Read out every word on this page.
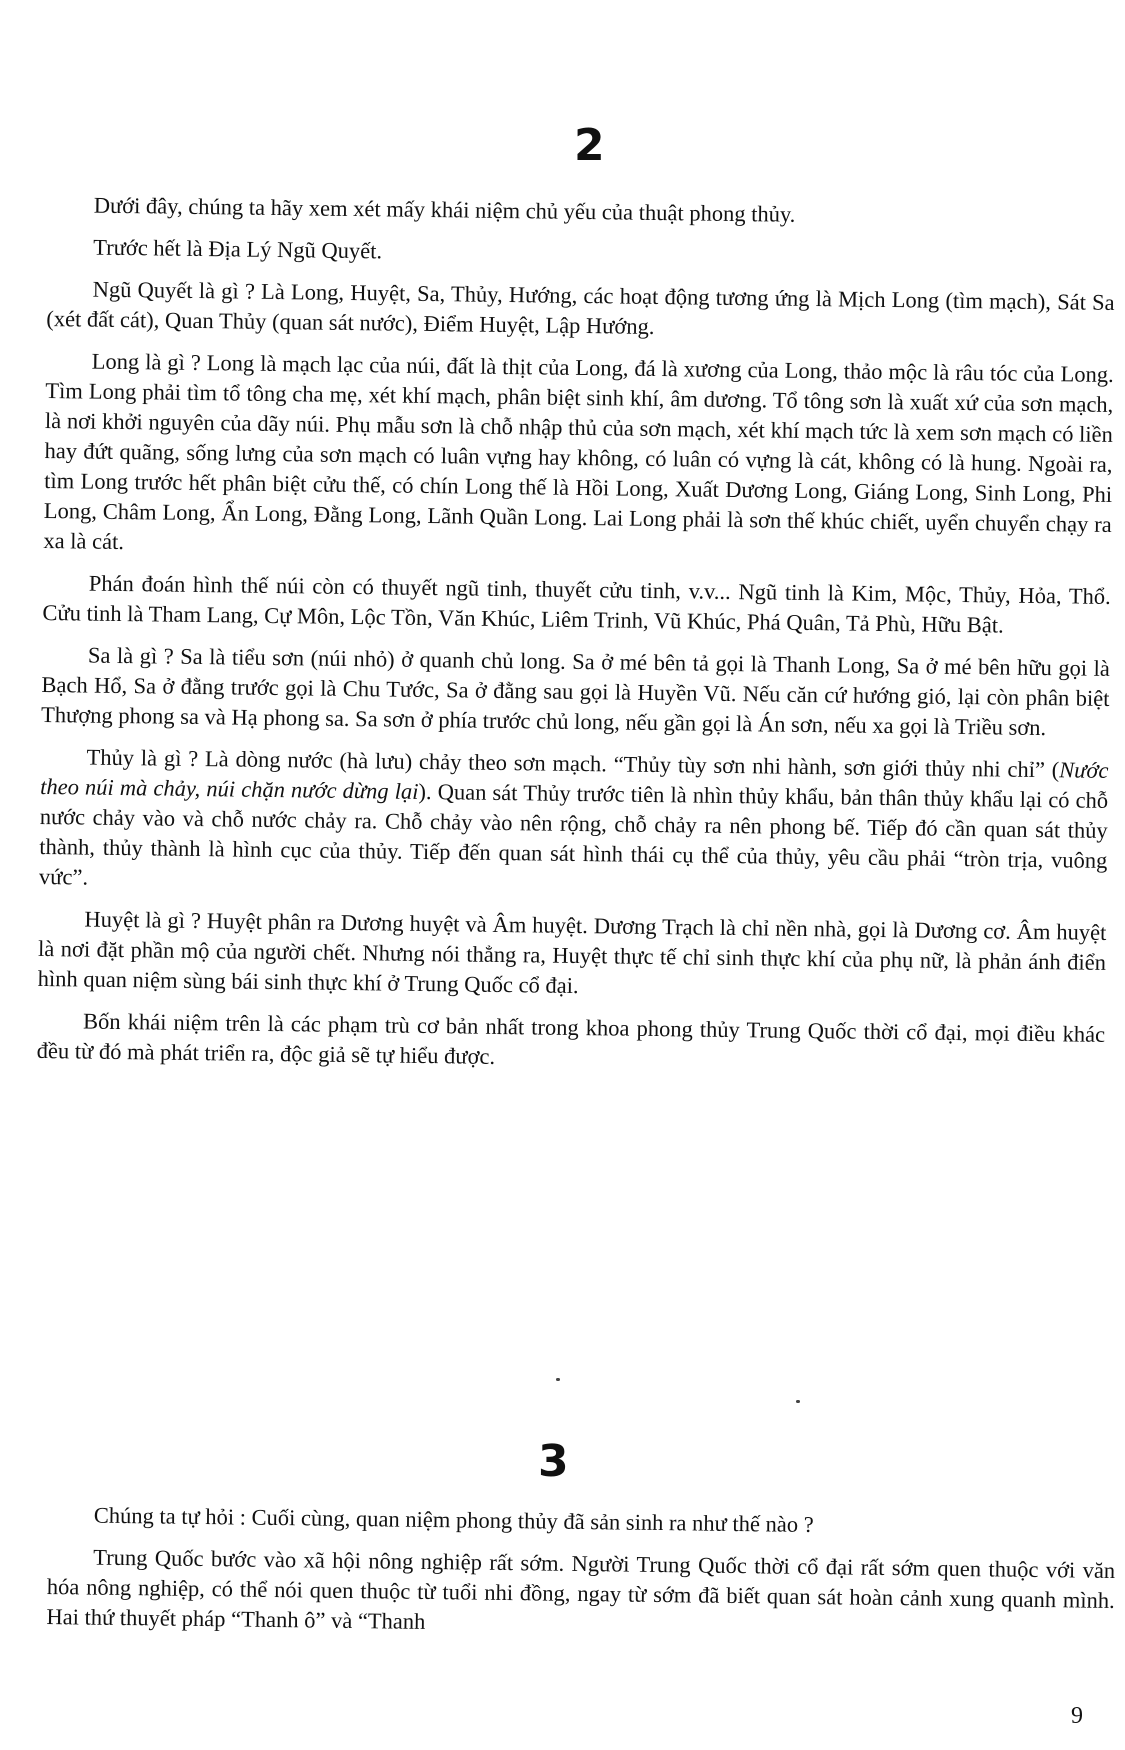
2

Dưới đây, chúng ta hãy xem xét mấy khái niệm chủ yếu của thuật phong thủy.

Trước hết là Địa Lý Ngũ Quyết.

Ngũ Quyết là gì ? Là Long, Huyệt, Sa, Thủy, Hướng, các hoạt động tương ứng là Mịch Long (tìm mạch), Sát Sa (xét đất cát), Quan Thủy (quan sát nước), Điểm Huyệt, Lập Hướng.

Long là gì ? Long là mạch lạc của núi, đất là thịt của Long, đá là xương của Long, thảo mộc là râu tóc của Long. Tìm Long phải tìm tổ tông cha mẹ, xét khí mạch, phân biệt sinh khí, âm dương. Tổ tông sơn là xuất xứ của sơn mạch, là nơi khởi nguyên của dãy núi. Phụ mẫu sơn là chỗ nhập thủ của sơn mạch, xét khí mạch tức là xem sơn mạch có liền hay đứt quãng, sống lưng của sơn mạch có luân vựng hay không, có luân có vựng là cát, không có là hung. Ngoài ra, tìm Long trước hết phân biệt cửu thế, có chín Long thế là Hồi Long, Xuất Dương Long, Giáng Long, Sinh Long, Phi Long, Châm Long, Ẩn Long, Đằng Long, Lãnh Quần Long. Lai Long phải là sơn thế khúc chiết, uyển chuyển chạy ra xa là cát.

Phán đoán hình thế núi còn có thuyết ngũ tinh, thuyết cửu tinh, v.v... Ngũ tinh là Kim, Mộc, Thủy, Hỏa, Thổ. Cửu tinh là Tham Lang, Cự Môn, Lộc Tồn, Văn Khúc, Liêm Trinh, Vũ Khúc, Phá Quân, Tả Phù, Hữu Bật.

Sa là gì ? Sa là tiểu sơn (núi nhỏ) ở quanh chủ long. Sa ở mé bên tả gọi là Thanh Long, Sa ở mé bên hữu gọi là Bạch Hổ, Sa ở đằng trước gọi là Chu Tước, Sa ở đằng sau gọi là Huyền Vũ. Nếu căn cứ hướng gió, lại còn phân biệt Thượng phong sa và Hạ phong sa. Sa sơn ở phía trước chủ long, nếu gần gọi là Án sơn, nếu xa gọi là Triều sơn.

Thủy là gì ? Là dòng nước (hà lưu) chảy theo sơn mạch. “Thủy tùy sơn nhi hành, sơn giới thủy nhi chỉ” (Nước theo núi mà chảy, núi chặn nước dừng lại). Quan sát Thủy trước tiên là nhìn thủy khẩu, bản thân thủy khẩu lại có chỗ nước chảy vào và chỗ nước chảy ra. Chỗ chảy vào nên rộng, chỗ chảy ra nên phong bế. Tiếp đó cần quan sát thủy thành, thủy thành là hình cục của thủy. Tiếp đến quan sát hình thái cụ thể của thủy, yêu cầu phải “tròn trịa, vuông vức”.

Huyệt là gì ? Huyệt phân ra Dương huyệt và Âm huyệt. Dương Trạch là chỉ nền nhà, gọi là Dương cơ. Âm huyệt là nơi đặt phần mộ của người chết. Nhưng nói thẳng ra, Huyệt thực tế chỉ sinh thực khí của phụ nữ, là phản ánh điển hình quan niệm sùng bái sinh thực khí ở Trung Quốc cổ đại.

Bốn khái niệm trên là các phạm trù cơ bản nhất trong khoa phong thủy Trung Quốc thời cổ đại, mọi điều khác đều từ đó mà phát triển ra, độc giả sẽ tự hiểu được.

3

Chúng ta tự hỏi : Cuối cùng, quan niệm phong thủy đã sản sinh ra như thế nào ?

Trung Quốc bước vào xã hội nông nghiệp rất sớm. Người Trung Quốc thời cổ đại rất sớm quen thuộc với văn hóa nông nghiệp, có thể nói quen thuộc từ tuổi nhi đồng, ngay từ sớm đã biết quan sát hoàn cảnh xung quanh mình. Hai thứ thuyết pháp “Thanh ô” và “Thanh

9
